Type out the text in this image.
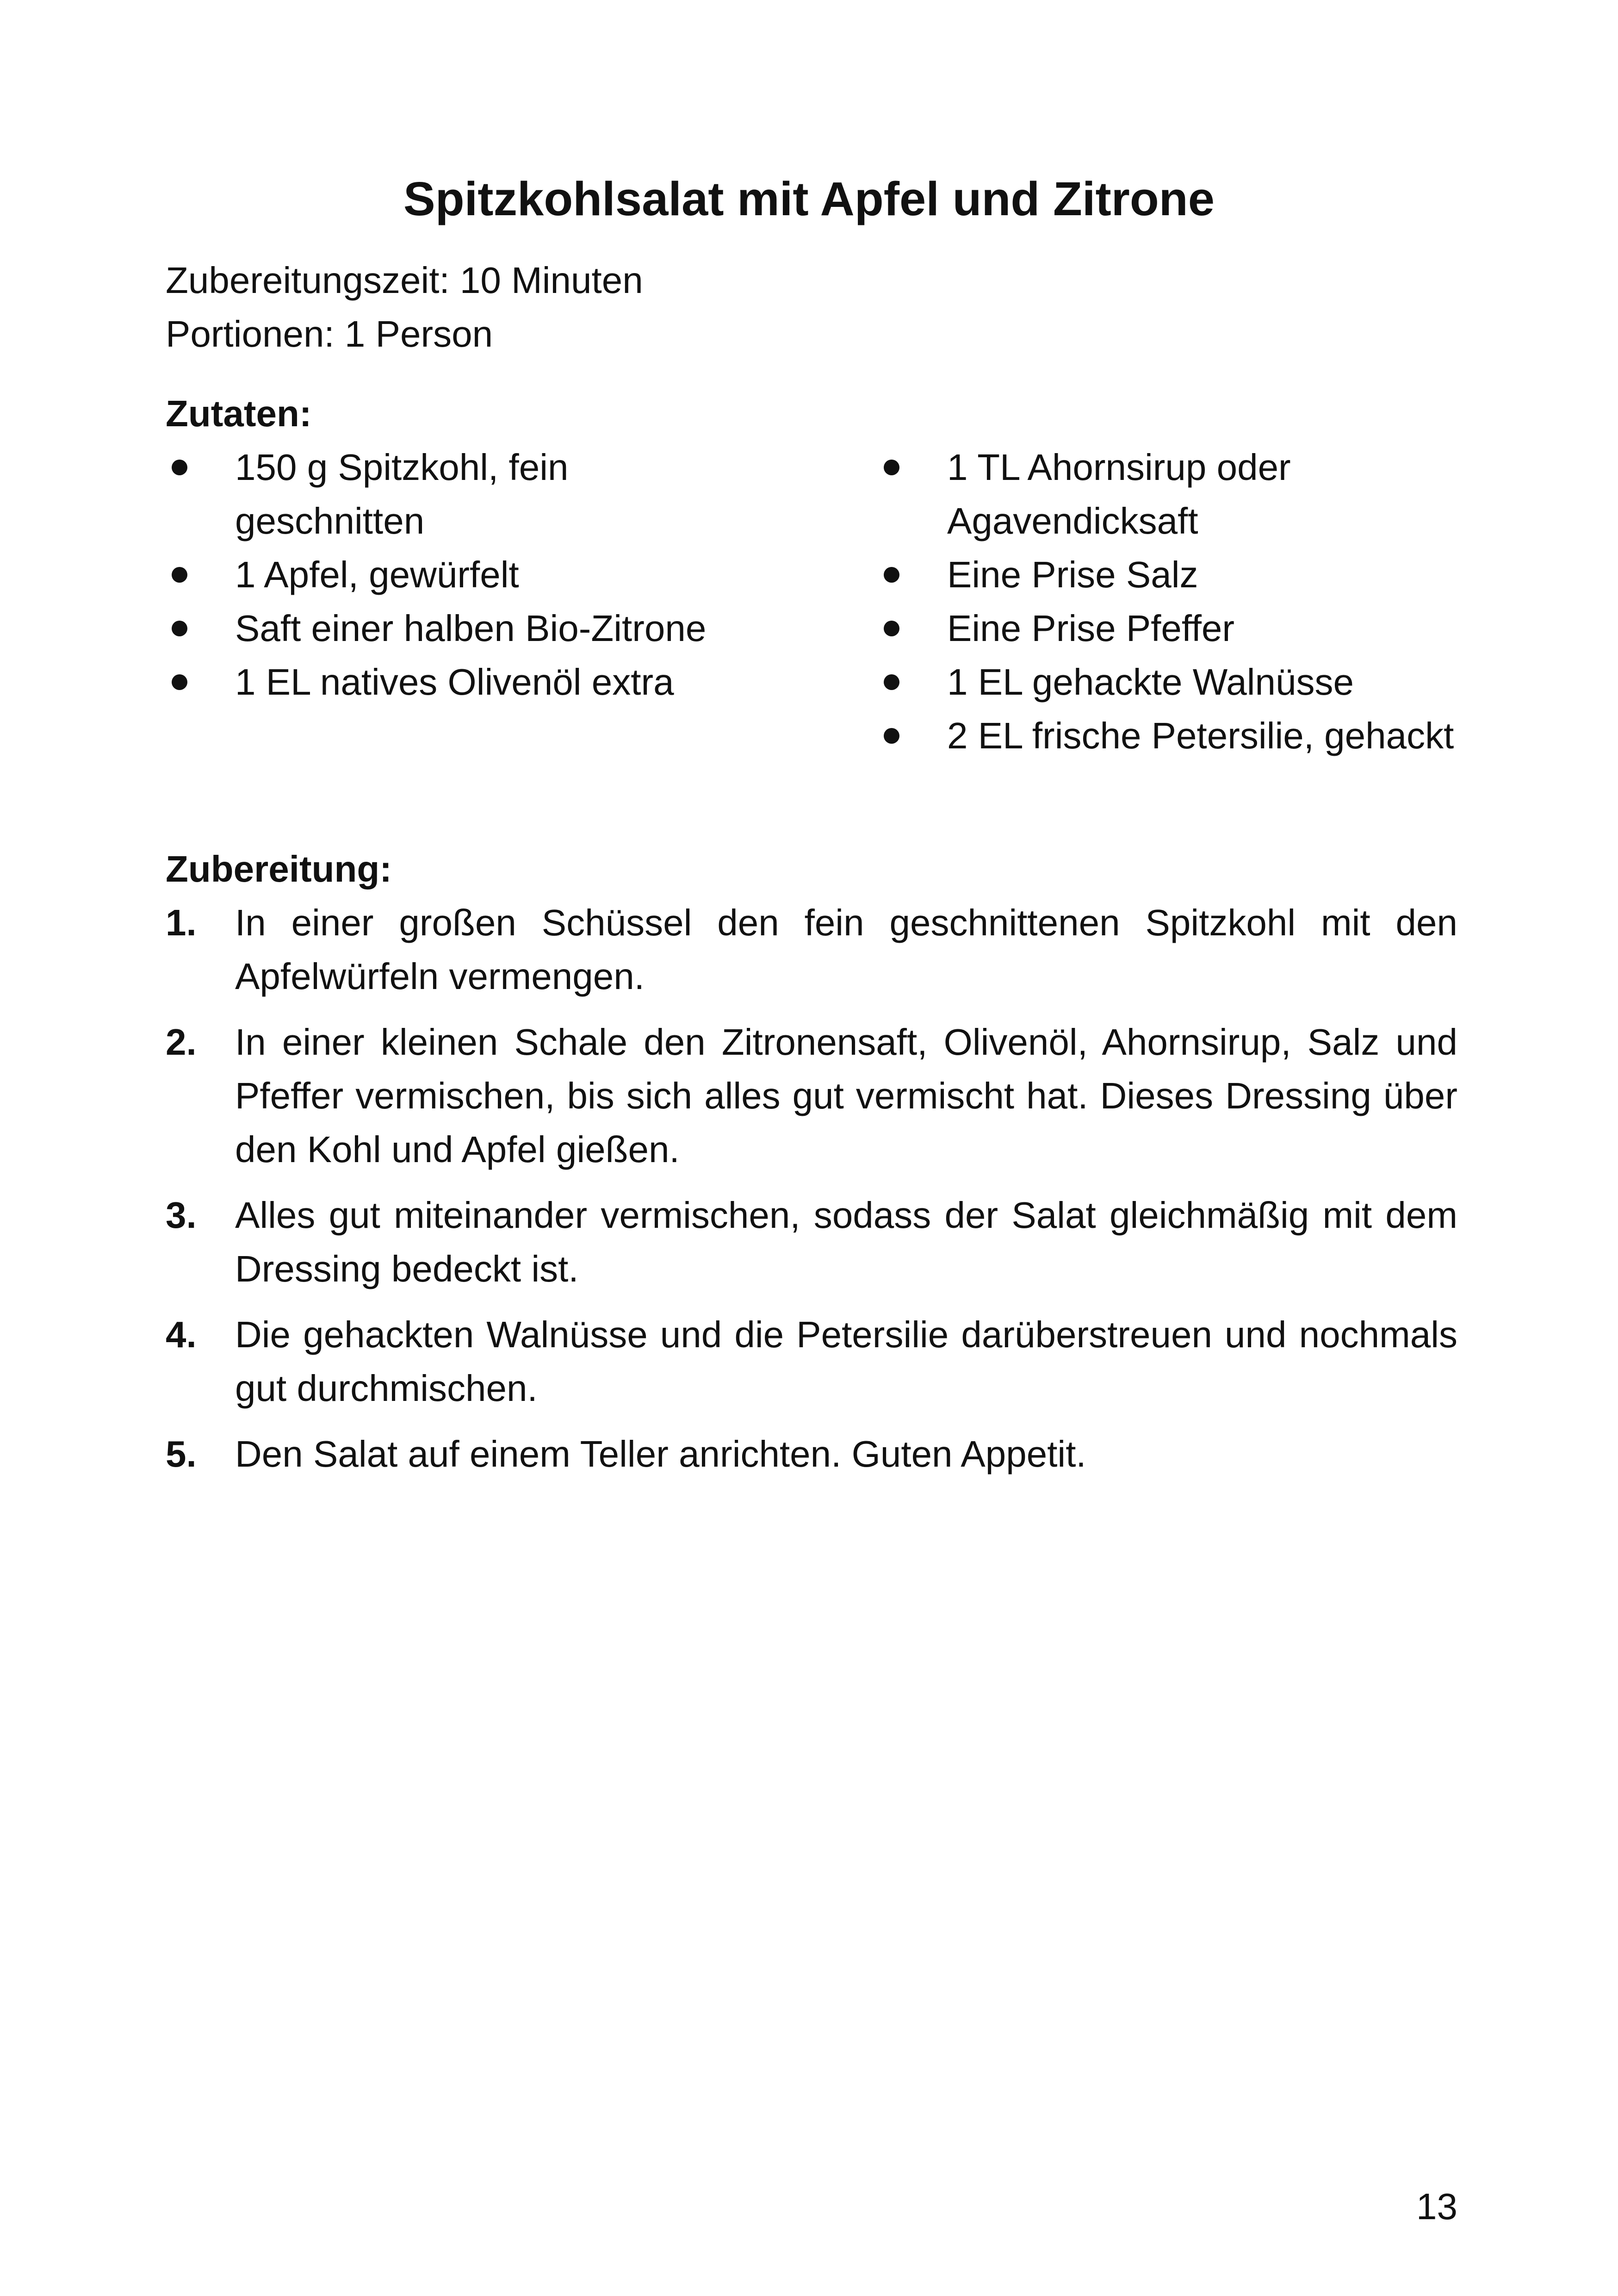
Spitzkohlsalat mit Apfel und Zitrone
Zubereitungszeit: 10 Minuten
Portionen: 1 Person
Zutaten:
150 g Spitzkohl, fein geschnitten
1 Apfel, gewürfelt
Saft einer halben Bio-Zitrone
1 EL natives Olivenöl extra
1 TL Ahornsirup oder Agavendicksaft
Eine Prise Salz
Eine Prise Pfeffer
1 EL gehackte Walnüsse
2 EL frische Petersilie, gehackt
Zubereitung:
1. In einer großen Schüssel den fein geschnittenen Spitzkohl mit den Apfelwürfeln vermengen.
2. In einer kleinen Schale den Zitronensaft, Olivenöl, Ahornsirup, Salz und Pfeffer vermischen, bis sich alles gut vermischt hat. Dieses Dressing über den Kohl und Apfel gießen.
3. Alles gut miteinander vermischen, sodass der Salat gleichmäßig mit dem Dressing bedeckt ist.
4. Die gehackten Walnüsse und die Petersilie darüberstreuen und nochmals gut durchmischen.
5. Den Salat auf einem Teller anrichten. Guten Appetit.
13
